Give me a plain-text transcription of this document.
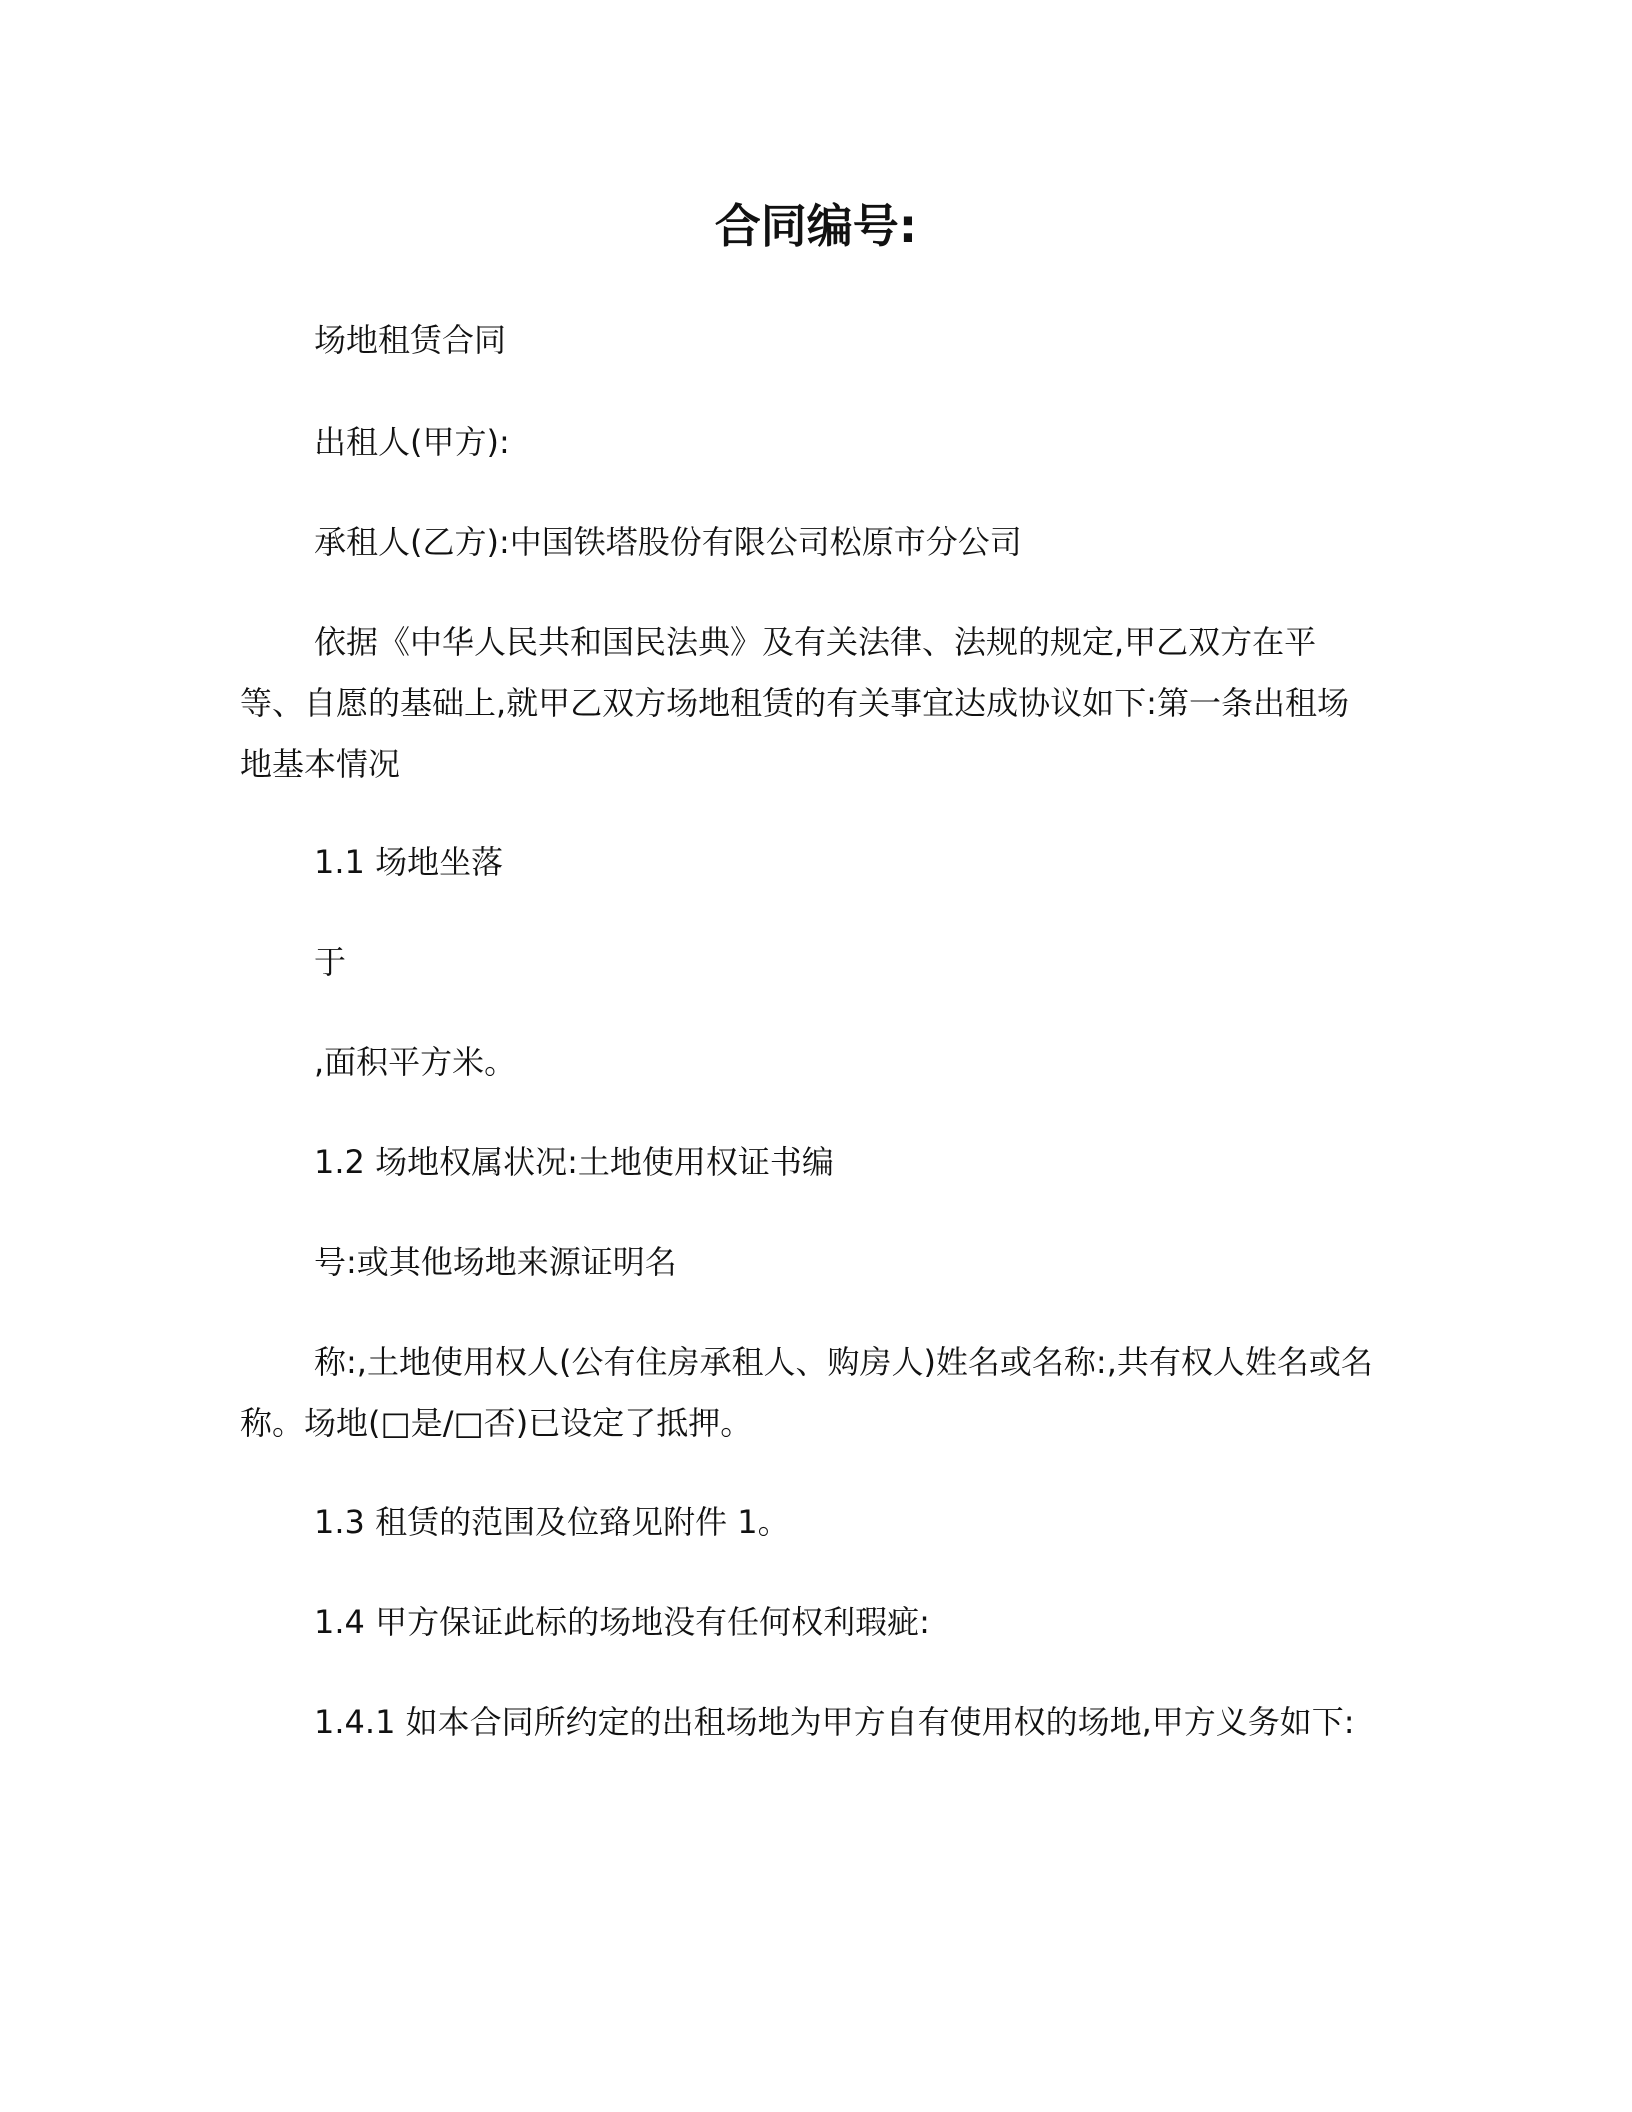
合同编号:
场地租赁合同
出租人(甲方):
承租人(乙方):中国铁塔股份有限公司松原市分公司
依据《中华人民共和国民法典》及有关法律、法规的规定,甲乙双方在平等、自愿的基础上,就甲乙双方场地租赁的有关事宜达成协议如下:第一条出租场地基本情况
1.1 场地坐落
于
,面积平方米。
1.2 场地权属状况:土地使用权证书编
号:或其他场地来源证明名
称:,土地使用权人(公有住房承租人、购房人)姓名或名称:,共有权人姓名或名称。场地(□是/□否)已设定了抵押。
1.3 租赁的范围及位臵见附件 1。
1.4 甲方保证此标的场地没有任何权利瑕疵:
1.4.1 如本合同所约定的出租场地为甲方自有使用权的场地,甲方义务如下:
